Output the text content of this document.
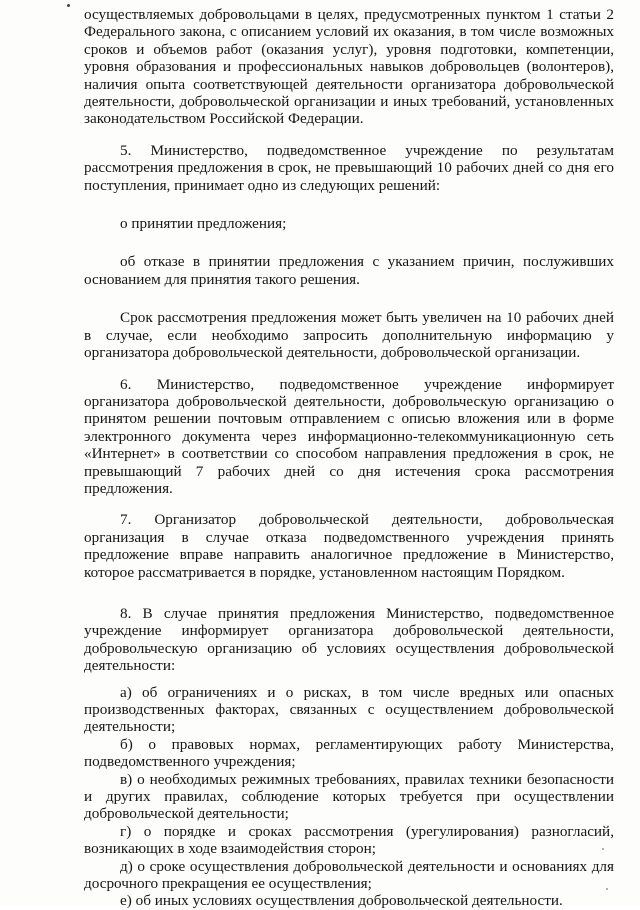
осуществляемых добровольцами в целях, предусмотренных пунктом 1 статьи 2 Федерального закона, с описанием условий их оказания, в том числе возможных сроков и объемов работ (оказания услуг), уровня подготовки, компетенции, уровня образования и профессиональных навыков добровольцев (волонтеров), наличия опыта соответствующей деятельности организатора добровольческой деятельности, добровольческой организации и иных требований, установленных законодательством Российской Федерации.

5. Министерство, подведомственное учреждение по результатам рассмотрения предложения в срок, не превышающий 10 рабочих дней со дня его поступления, принимает одно из следующих решений:

о принятии предложения;

об отказе в принятии предложения с указанием причин, послуживших основанием для принятия такого решения.

Срок рассмотрения предложения может быть увеличен на 10 рабочих дней в случае, если необходимо запросить дополнительную информацию у организатора добровольческой деятельности, добровольческой организации.

6. Министерство, подведомственное учреждение информирует организатора добровольческой деятельности, добровольческую организацию о принятом решении почтовым отправлением с описью вложения или в форме электронного документа через информационно-телекоммуникационную сеть «Интернет» в соответствии со способом направления предложения в срок, не превышающий 7 рабочих дней со дня истечения срока рассмотрения предложения.

7. Организатор добровольческой деятельности, добровольческая организация в случае отказа подведомственного учреждения принять предложение вправе направить аналогичное предложение в Министерство, которое рассматривается в порядке, установленном настоящим Порядком.

8. В случае принятия предложения Министерство, подведомственное учреждение информирует организатора добровольческой деятельности, добровольческую организацию об условиях осуществления добровольческой деятельности:

а) об ограничениях и о рисках, в том числе вредных или опасных производственных факторах, связанных с осуществлением добровольческой деятельности;

б) о правовых нормах, регламентирующих работу Министерства, подведомственного учреждения;

в) о необходимых режимных требованиях, правилах техники безопасности и других правилах, соблюдение которых требуется при осуществлении добровольческой деятельности;

г) о порядке и сроках рассмотрения (урегулирования) разногласий, возникающих в ходе взаимодействия сторон;

д) о сроке осуществления добровольческой деятельности и основаниях для досрочного прекращения ее осуществления;

е) об иных условиях осуществления добровольческой деятельности.
